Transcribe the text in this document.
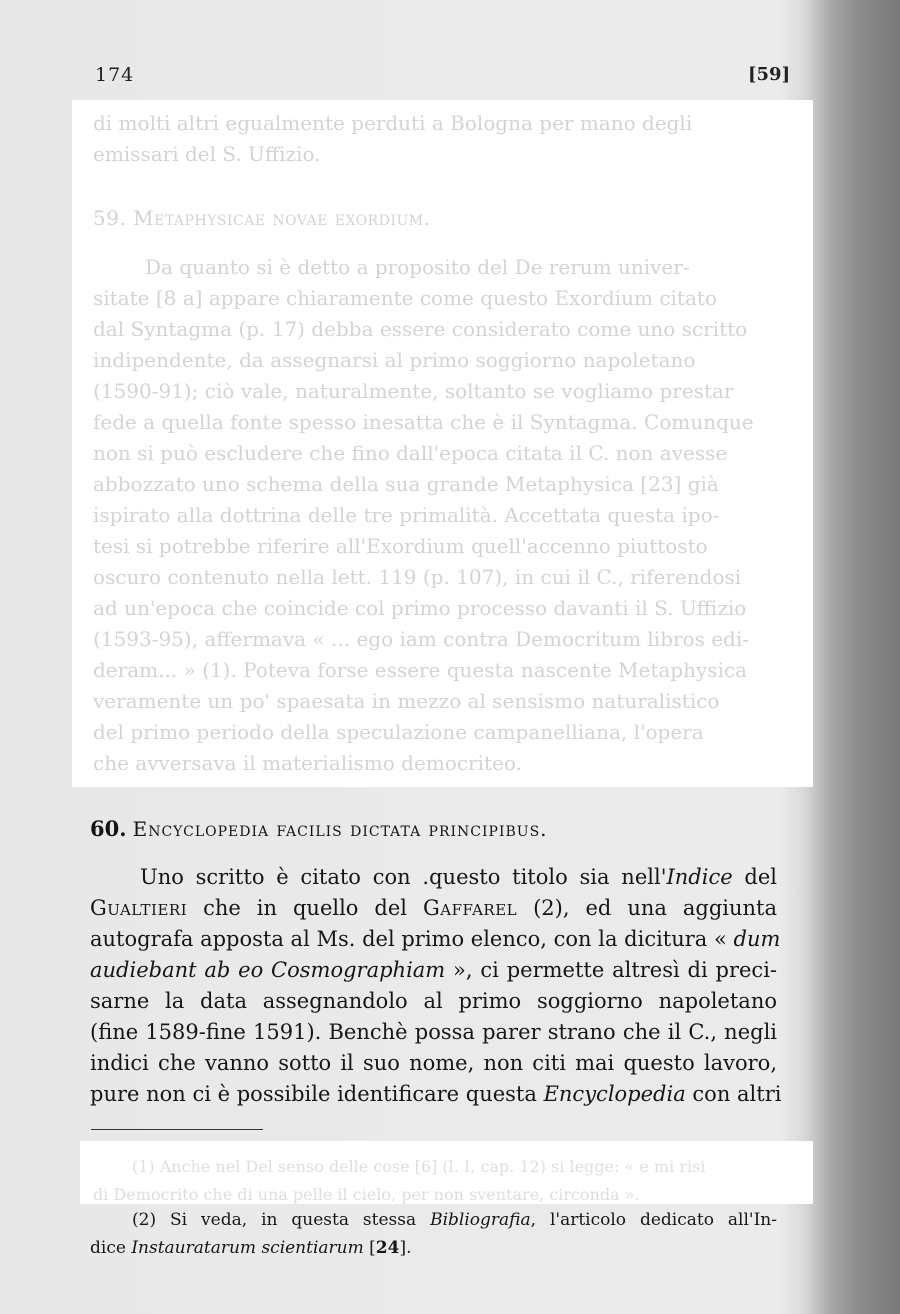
174	[59]
di molti altri egualmente perduti a Bologna per mano degli
emissari del S. Uffizio.
59. Metaphysicae novae exordium.
Da quanto si è detto a proposito del De rerum univer-
sitate [8 a] appare chiaramente come questo Exordium citato
dal Syntagma (p. 17) debba essere considerato come uno scritto
indipendente, da assegnarsi al primo soggiorno napoletano
(1590-91); ciò vale, naturalmente, soltanto se vogliamo prestar
fede a quella fonte spesso inesatta che è il Syntagma. Comunque
non si può escludere che fino dall'epoca citata il C. non avesse
abbozzato uno schema della sua grande Metaphysica [23] già
ispirato alla dottrina delle tre primalità. Accettata questa ipo-
tesi si potrebbe riferire all'Exordium quell'accenno piuttosto
oscuro contenuto nella lett. 119 (p. 107), in cui il C., riferendosi
ad un'epoca che coincide col primo processo davanti il S. Uffizio
(1593-95), affermava « ... ego iam contra Democritum libros edi-
deram... » (1). Poteva forse essere questa nascente Metaphysica
veramente un po' spaesata in mezzo al sensismo naturalistico
del primo periodo della speculazione campanelliana, l'opera
che avversava il materialismo democriteo.
60. Encyclopedia facilis dictata principibus.
Uno scritto è citato con .questo titolo sia nell'Indice del
Gualtieri che in quello del Gaffarel (2), ed una aggiunta
autografa apposta al Ms. del primo elenco, con la dicitura « dum
audiebant ab eo Cosmographiam », ci permette altresì di preci-
sarne la data assegnandolo al primo soggiorno napoletano
(fine 1589-fine 1591). Benchè possa parer strano che il C., negli
indici che vanno sotto il suo nome, non citi mai questo lavoro,
pure non ci è possibile identificare questa Encyclopedia con altri
(1) Anche nel Del senso delle cose [6] (l. I, cap. 12) si legge: « e mi risi
di Democrito che di una pelle il cielo, per non sventare, circonda ».
(2) Si veda, in questa stessa Bibliografia, l'articolo dedicato all'In-
dice Instauratarum scientiarum [24].
